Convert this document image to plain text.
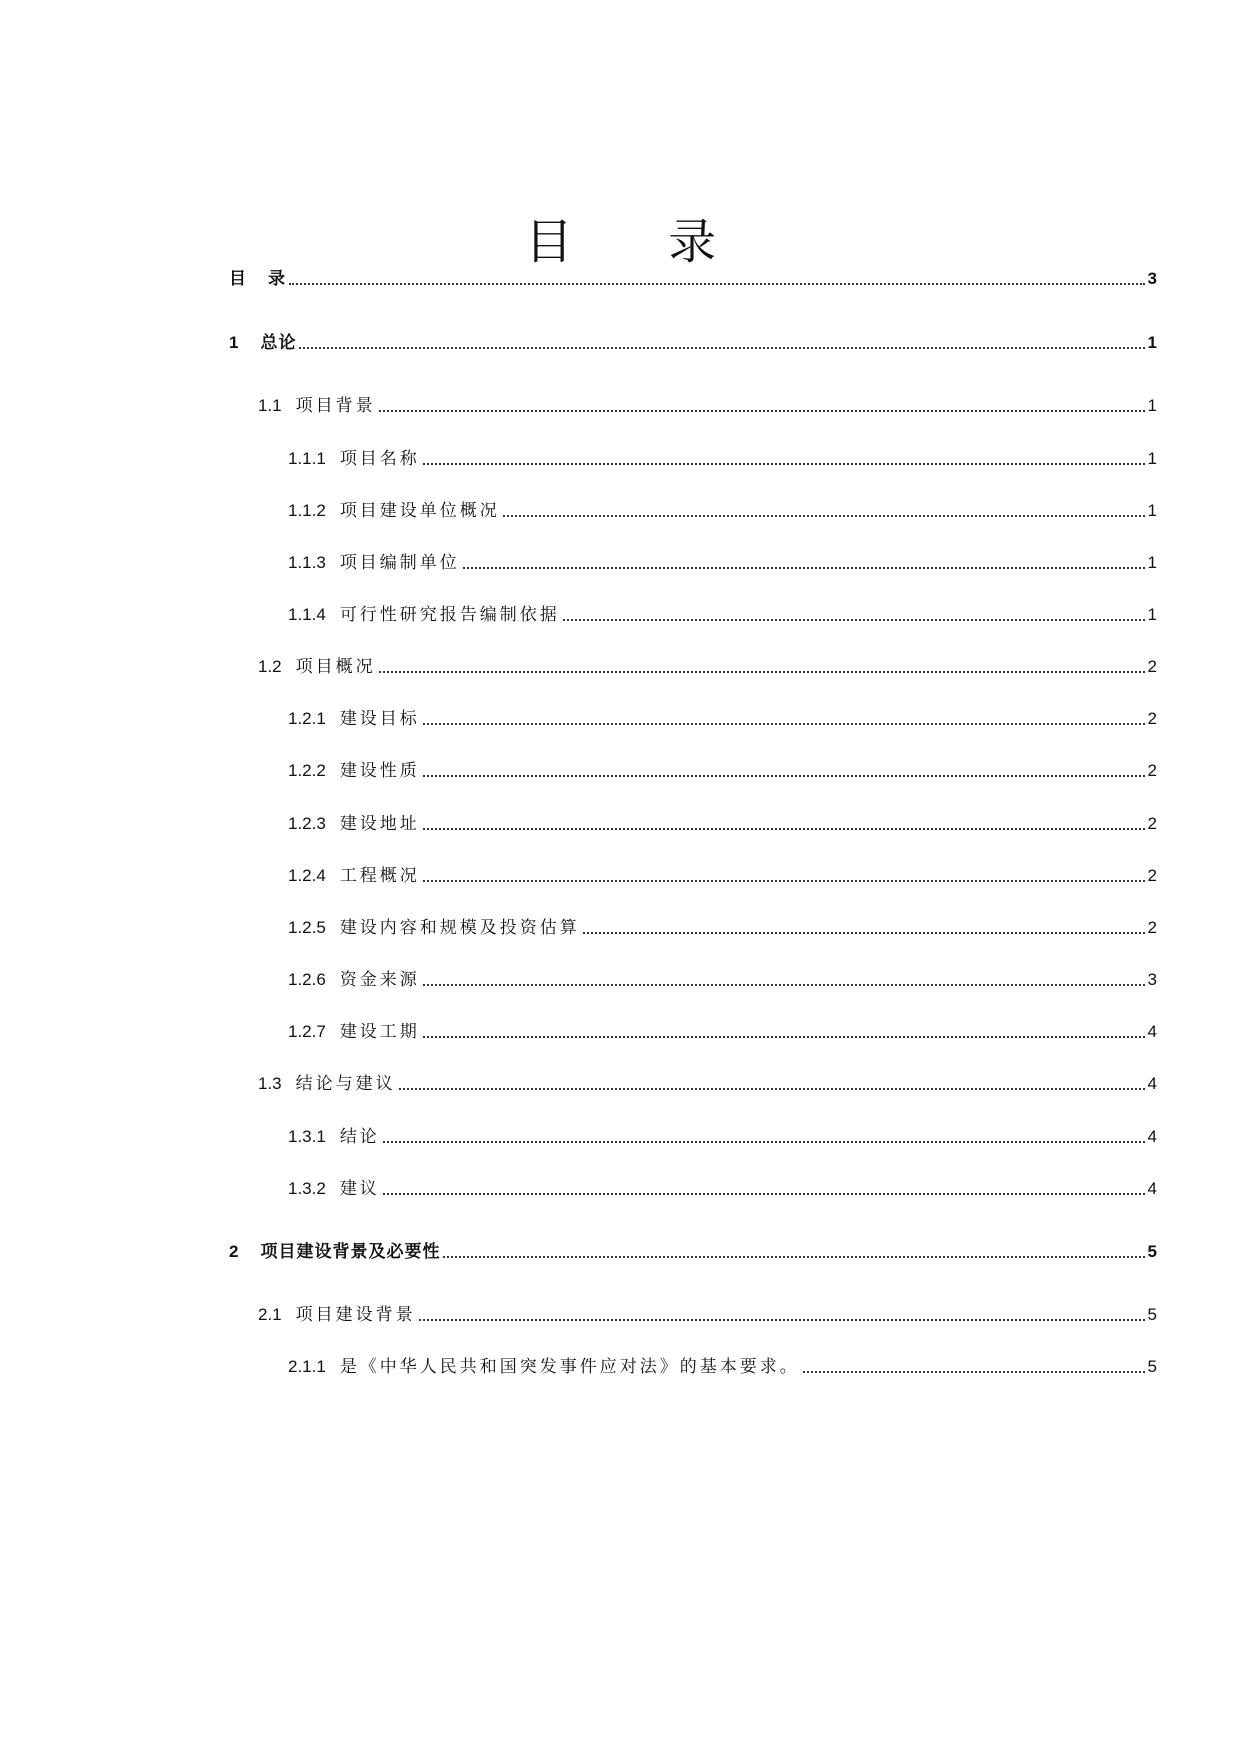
目 录
目 录	3
1 总论	1
1.1 项目背景	1
1.1.1 项目名称	1
1.1.2 项目建设单位概况	1
1.1.3 项目编制单位	1
1.1.4 可行性研究报告编制依据	1
1.2 项目概况	2
1.2.1 建设目标	2
1.2.2 建设性质	2
1.2.3 建设地址	2
1.2.4 工程概况	2
1.2.5 建设内容和规模及投资估算	2
1.2.6 资金来源	3
1.2.7 建设工期	4
1.3 结论与建议	4
1.3.1 结论	4
1.3.2 建议	4
2 项目建设背景及必要性	5
2.1 项目建设背景	5
2.1.1 是《中华人民共和国突发事件应对法》的基本要求。	5
